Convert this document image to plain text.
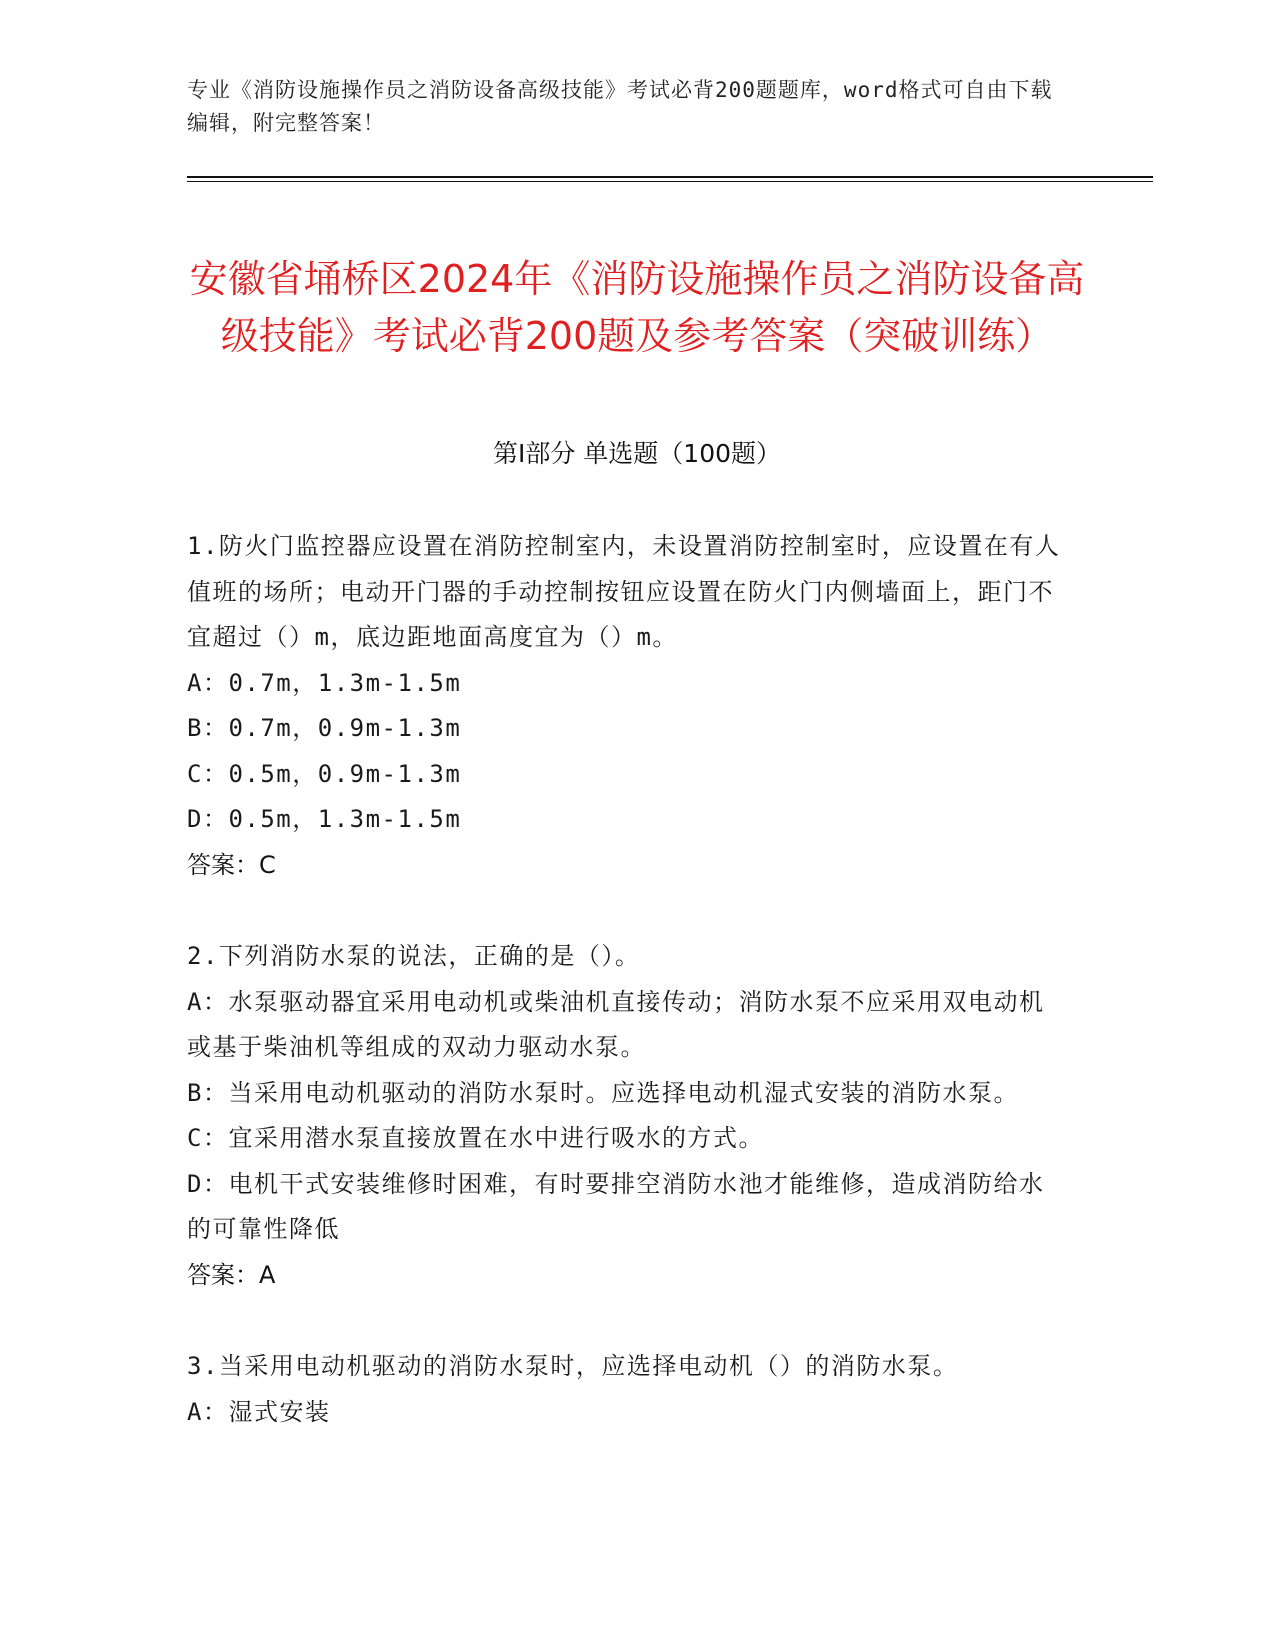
专业《消防设施操作员之消防设备高级技能》考试必背200题题库，word格式可自由下载编辑，附完整答案！
安徽省埇桥区2024年《消防设施操作员之消防设备高级技能》考试必背200题及参考答案（突破训练）
第I部分 单选题（100题）
1.防火门监控器应设置在消防控制室内，未设置消防控制室时，应设置在有人值班的场所；电动开门器的手动控制按钮应设置在防火门内侧墙面上，距门不宜超过（）m，底边距地面高度宜为（）m。
A：0.7m，1.3m-1.5m
B：0.7m，0.9m-1.3m
C：0.5m，0.9m-1.3m
D：0.5m，1.3m-1.5m
答案：C
2.下列消防水泵的说法，正确的是（）。
A：水泵驱动器宜采用电动机或柴油机直接传动；消防水泵不应采用双电动机或基于柴油机等组成的双动力驱动水泵。
B：当采用电动机驱动的消防水泵时。应选择电动机湿式安装的消防水泵。
C：宜采用潜水泵直接放置在水中进行吸水的方式。
D：电机干式安装维修时困难，有时要排空消防水池才能维修，造成消防给水的可靠性降低
答案：A
3.当采用电动机驱动的消防水泵时，应选择电动机（）的消防水泵。
A：湿式安装
